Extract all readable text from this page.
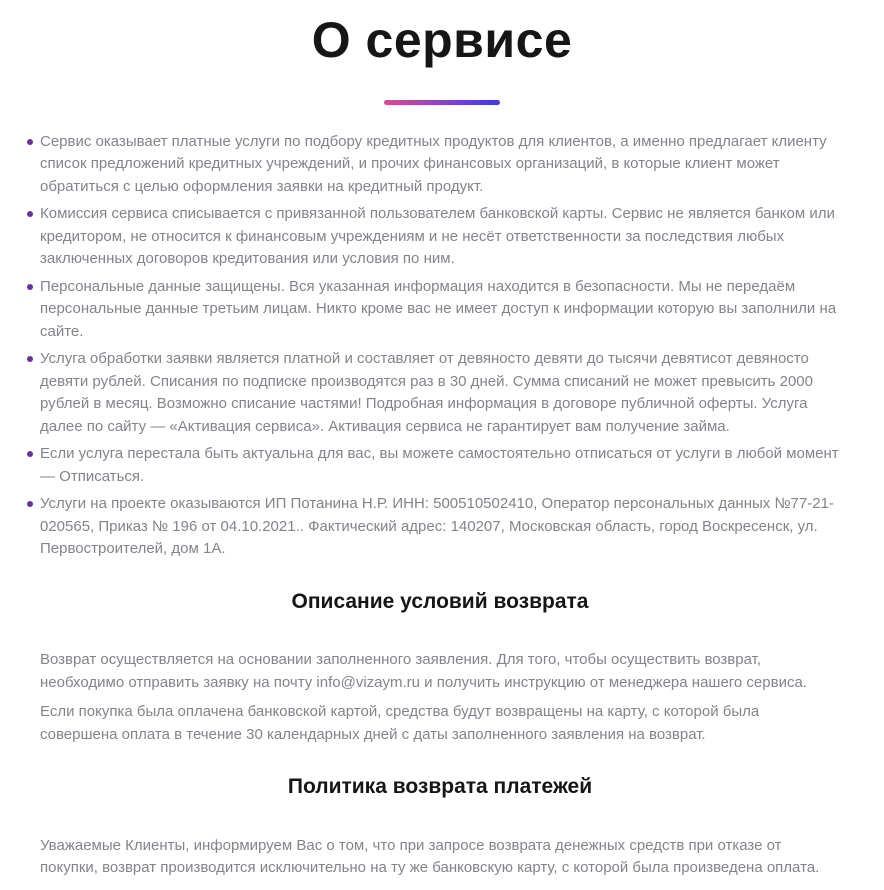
О сервисе
Сервис оказывает платные услуги по подбору кредитных продуктов для клиентов, а именно предлагает клиенту список предложений кредитных учреждений, и прочих финансовых организаций, в которые клиент может обратиться с целью оформления заявки на кредитный продукт.
Комиссия сервиса списывается с привязанной пользователем банковской карты. Сервис не является банком или кредитором, не относится к финансовым учреждениям и не несёт ответственности за последствия любых заключенных договоров кредитования или условия по ним.
Персональные данные защищены. Вся указанная информация находится в безопасности. Мы не передаём персональные данные третьим лицам. Никто кроме вас не имеет доступ к информации которую вы заполнили на сайте.
Услуга обработки заявки является платной и составляет от девяносто девяти до тысячи девятисот девяносто девяти рублей. Списания по подписке производятся раз в 30 дней. Сумма списаний не может превысить 2000 рублей в месяц. Возможно списание частями! Подробная информация в договоре публичной оферты. Услуга далее по сайту — «Активация сервиса». Активация сервиса не гарантирует вам получение займа.
Если услуга перестала быть актуальна для вас, вы можете самостоятельно отписаться от услуги в любой момент — Отписаться.
Услуги на проекте оказываются ИП Потанина Н.Р. ИНН: 500510502410, Оператор персональных данных №77-21-020565, Приказ № 196 от 04.10.2021.. Фактический адрес: 140207, Московская область, город Воскресенск, ул. Первостроителей, дом 1А.
Описание условий возврата

Возврат осуществляется на основании заполненного заявления. Для того, чтобы осуществить возврат, необходимо отправить заявку на почту info@vizaym.ru и получить инструкцию от менеджера нашего сервиса.

Если покупка была оплачена банковской картой, средства будут возвращены на карту, с которой была совершена оплата в течение 30 календарных дней с даты заполненного заявления на возврат.

Политика возврата платежей

Уважаемые Клиенты, информируем Вас о том, что при запросе возврата денежных средств при отказе от покупки, возврат производится исключительно на ту же банковскую карту, с которой была произведена оплата.
